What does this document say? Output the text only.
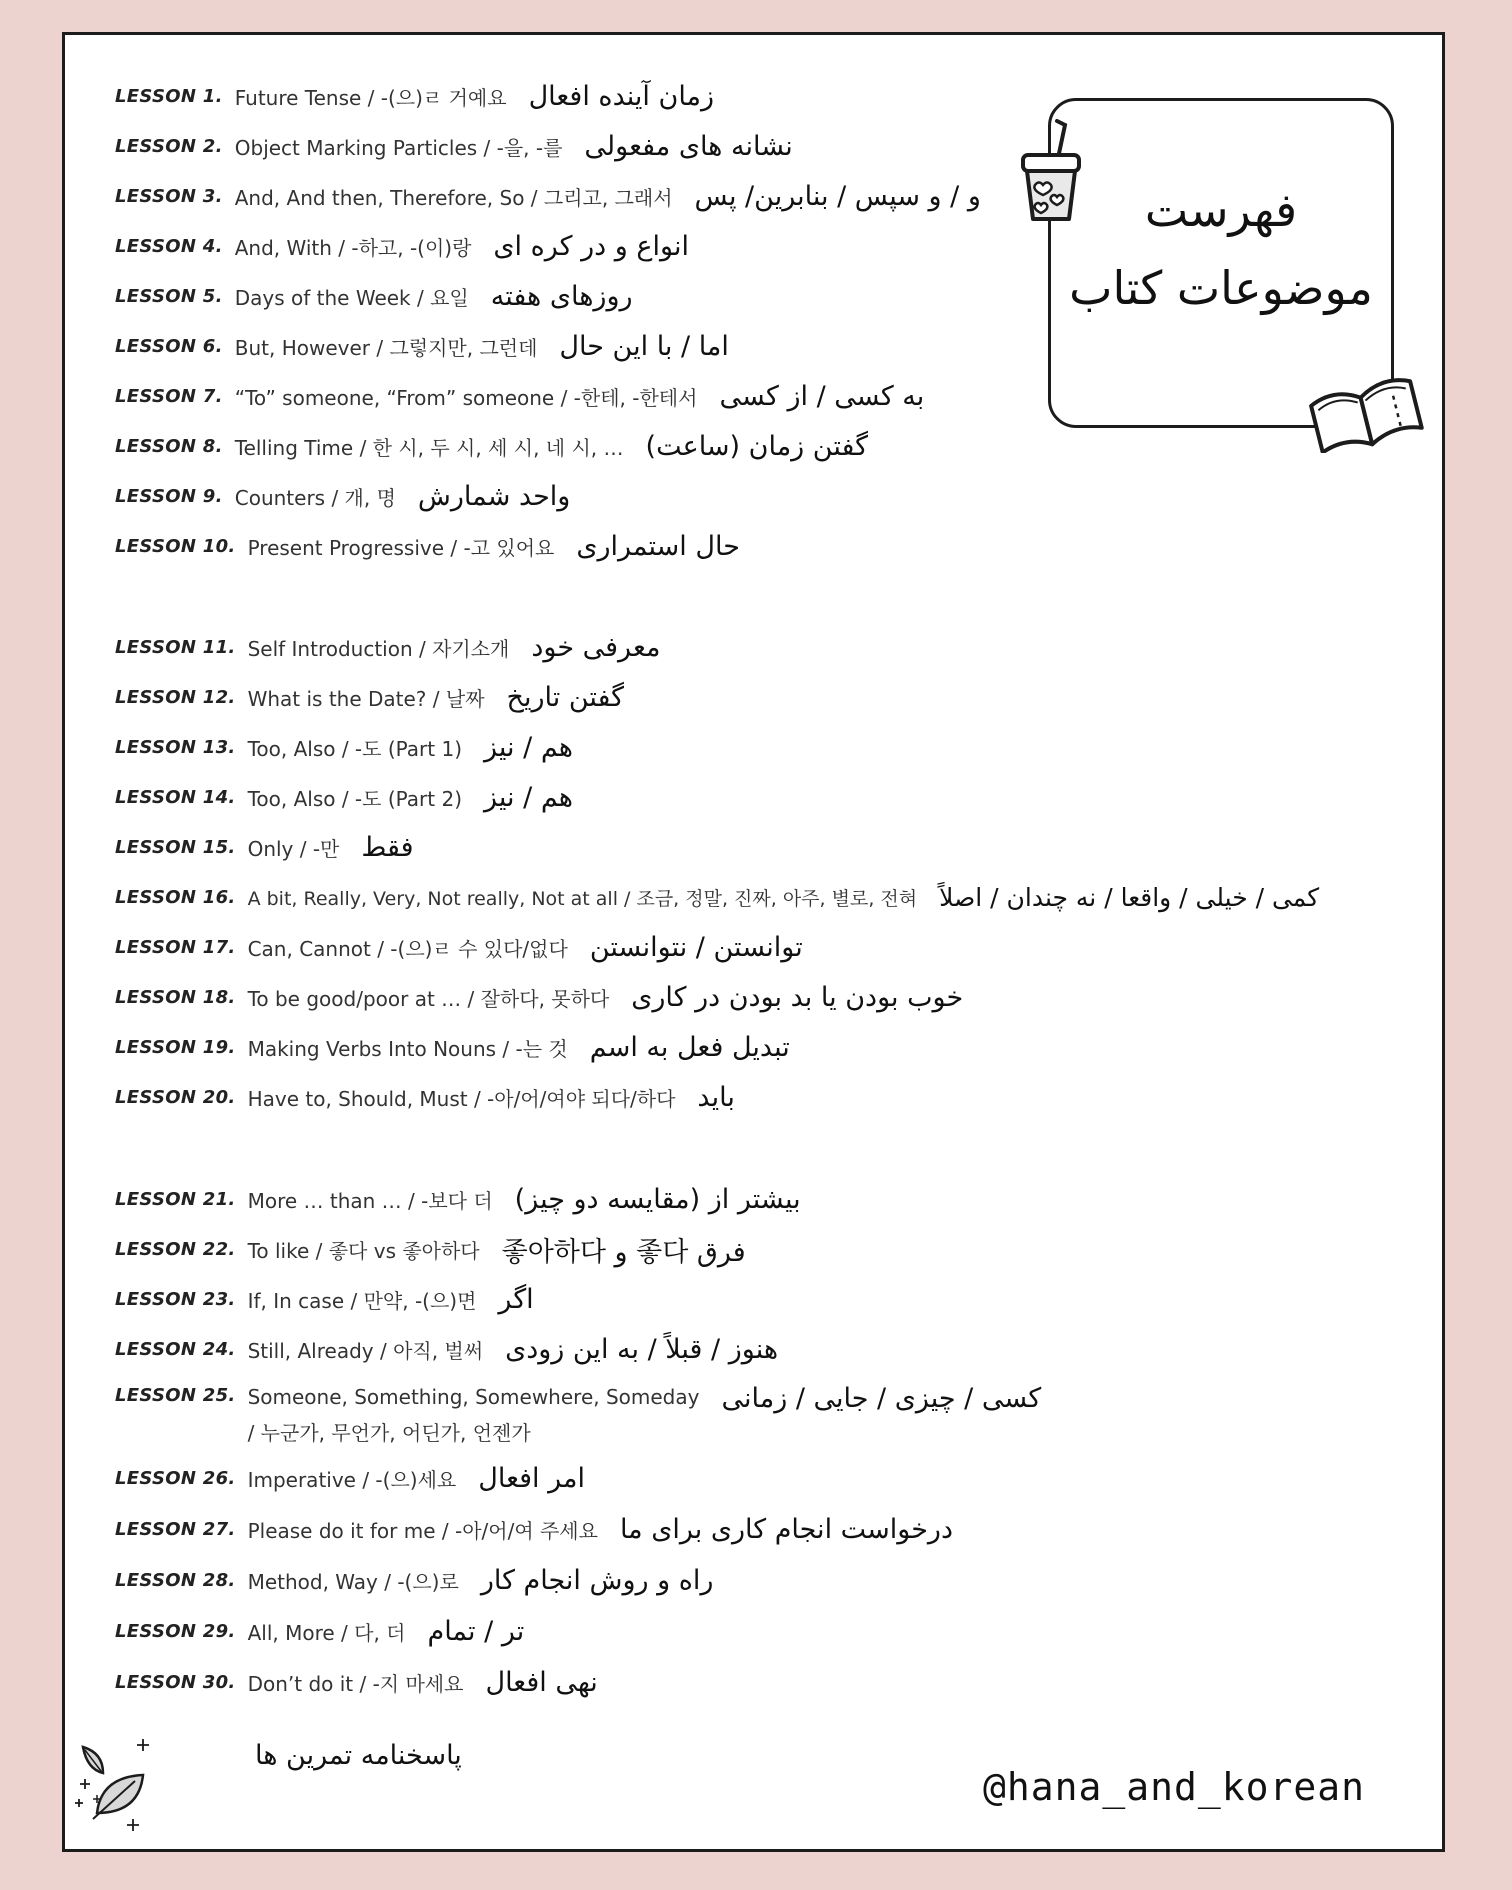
LESSON 1. Future Tense / -(으)ㄹ 거예요 زمان آینده افعال
LESSON 2. Object Marking Particles / -을, -를 نشانه های مفعولی
LESSON 3. And, And then, Therefore, So / 그리고, 그래서 و / و سپس / بنابرین/ پس
LESSON 4. And, With / -하고, -(이)랑 انواع و در کره ای
LESSON 5. Days of the Week / 요일 روزهای هفته
LESSON 6. But, However / 그렇지만, 그런데 اما / با این حال
LESSON 7. “To” someone, “From” someone / -한테, -한테서 به کسی / از کسی
LESSON 8. Telling Time / 한 시, 두 시, 세 시, 네 시, … گفتن زمان (ساعت)
LESSON 9. Counters / 개, 명 واحد شمارش
LESSON 10. Present Progressive / -고 있어요 حال استمراری
LESSON 11. Self Introduction / 자기소개 معرفی خود
LESSON 12. What is the Date? / 날짜 گفتن تاریخ
LESSON 13. Too, Also / -도 (Part 1) هم / نیز
LESSON 14. Too, Also / -도 (Part 2) هم / نیز
LESSON 15. Only / -만 فقط
LESSON 16. A bit, Really, Very, Not really, Not at all / 조금, 정말, 진짜, 아주, 별로, 전혀 کمی / خیلی / واقعا / نه چندان / اصلاً
LESSON 17. Can, Cannot / -(으)ㄹ 수 있다/없다 توانستن / نتوانستن
LESSON 18. To be good/poor at … / 잘하다, 못하다 خوب بودن یا بد بودن در کاری
LESSON 19. Making Verbs Into Nouns / -는 것 تبدیل فعل به اسم
LESSON 20. Have to, Should, Must / -아/어/여야 되다/하다 باید
LESSON 21. More … than … / -보다 더 بیشتر از (مقایسه دو چیز)
LESSON 22. To like / 좋다 vs 좋아하다 فرق 좋다 و 좋아하다
LESSON 23. If, In case / 만약, -(으)면 اگر
LESSON 24. Still, Already / 아직, 벌써 هنوز / قبلاً / به این زودی
LESSON 25. Someone, Something, Somewhere, Someday
/ 누군가, 무언가, 어딘가, 언젠가
کسی / چیزی / جایی / زمانی
LESSON 26. Imperative / -(으)세요 امر افعال
LESSON 27. Please do it for me / -아/어/여 주세요 درخواست انجام کاری برای ما
LESSON 28. Method, Way / -(으)로 راه و روش انجام کار
LESSON 29. All, More / 다, 더 تر / تمام
LESSON 30. Don’t do it / -지 마세요 نهی افعال
فهرست
موضوعات کتاب
پاسخنامه تمرین ها
@hana_and_korean
